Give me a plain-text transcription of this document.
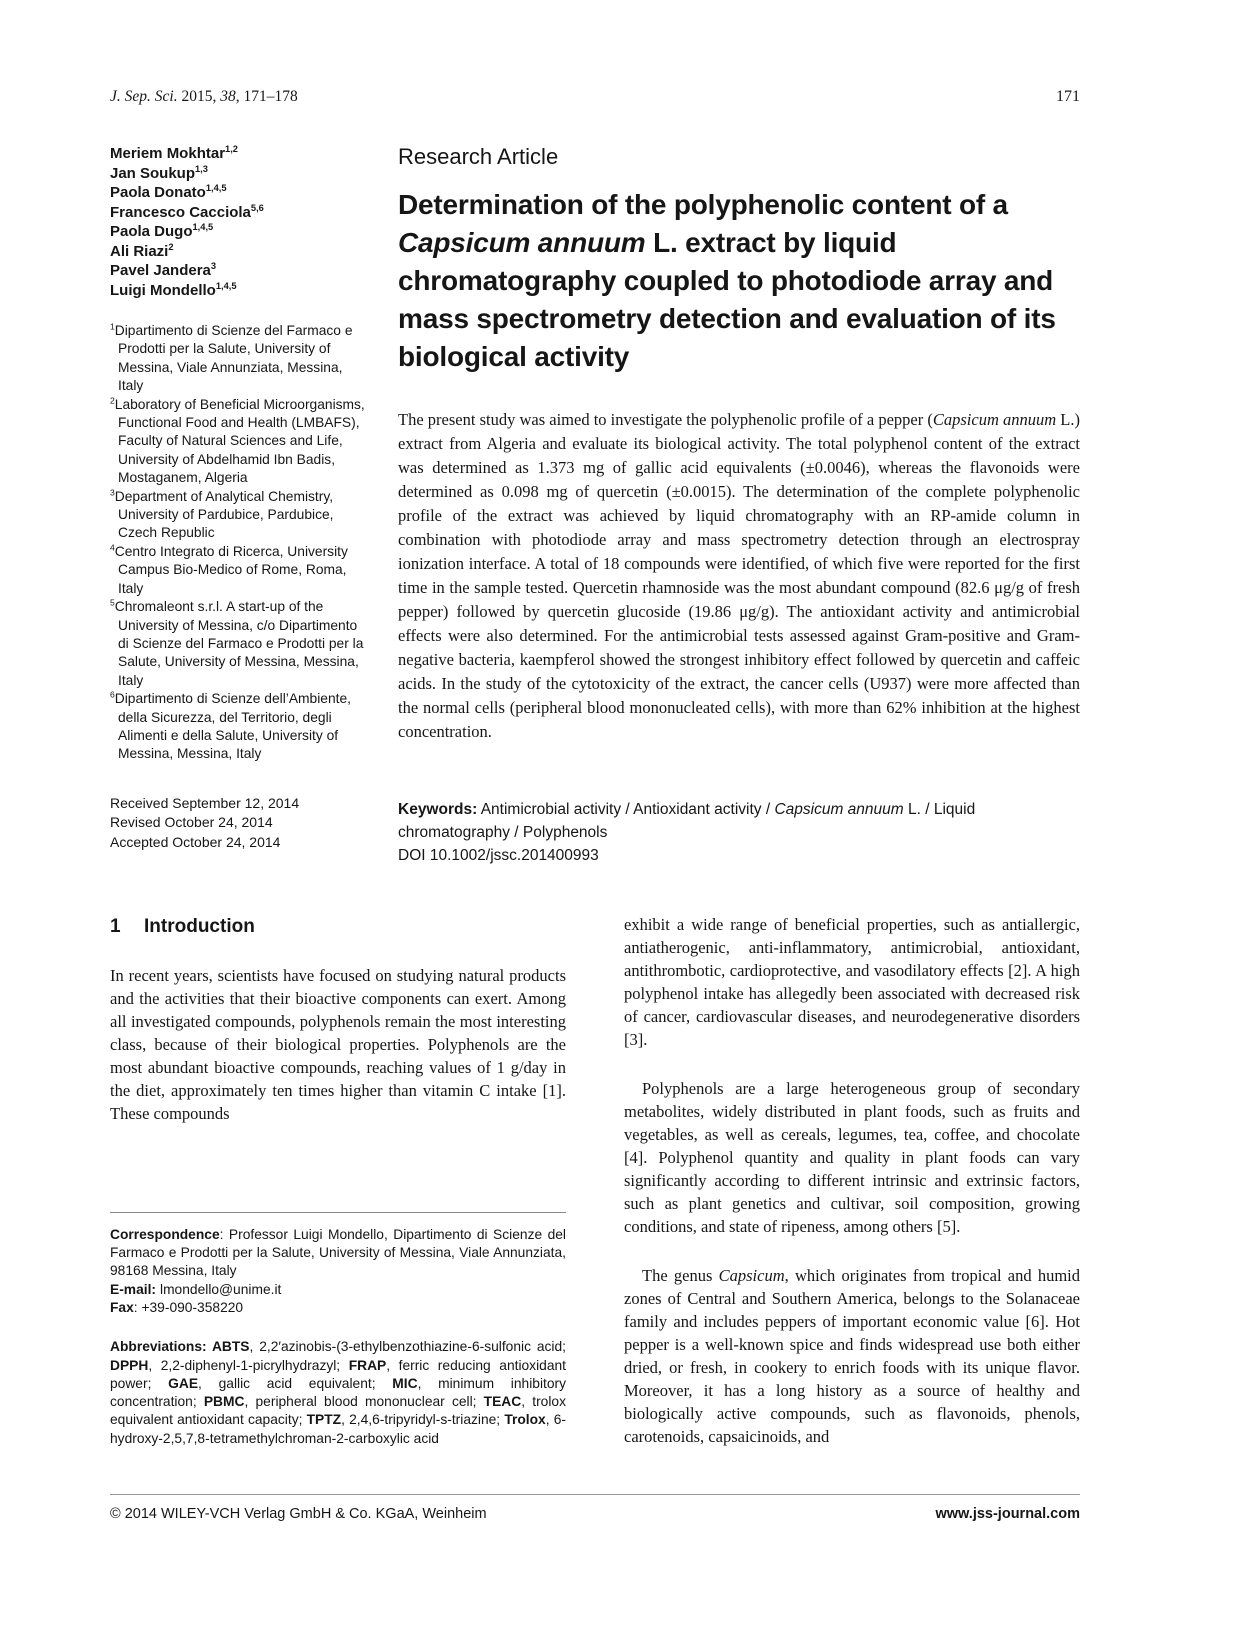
J. Sep. Sci. 2015, 38, 171–178	171
Meriem Mokhtar$^{1,2}$
Jan Soukup$^{1,3}$
Paola Donato$^{1,4,5}$
Francesco Cacciola$^{5,6}$
Paola Dugo$^{1,4,5}$
Ali Riazi$^2$
Pavel Jandera$^3$
Luigi Mondello$^{1,4,5}$
$^1$Dipartimento di Scienze del Farmaco e Prodotti per la Salute, University of Messina, Viale Annunziata, Messina, Italy
$^2$Laboratory of Beneficial Microorganisms, Functional Food and Health (LMBAFS), Faculty of Natural Sciences and Life, University of Abdelhamid Ibn Badis, Mostaganem, Algeria
$^3$Department of Analytical Chemistry, University of Pardubice, Pardubice, Czech Republic
$^4$Centro Integrato di Ricerca, University Campus Bio-Medico of Rome, Roma, Italy
$^5$Chromaleont s.r.l. A start-up of the University of Messina, c/o Dipartimento di Scienze del Farmaco e Prodotti per la Salute, University of Messina, Messina, Italy
$^6$Dipartimento di Scienze dell’Ambiente, della Sicurezza, del Territorio, degli Alimenti e della Salute, University of Messina, Messina, Italy
Received September 12, 2014
Revised October 24, 2014
Accepted October 24, 2014
Research Article
Determination of the polyphenolic content of a Capsicum annuum L. extract by liquid chromatography coupled to photodiode array and mass spectrometry detection and evaluation of its biological activity

The present study was aimed to investigate the polyphenolic profile of a pepper (Capsicum annuum L.) extract from Algeria and evaluate its biological activity. The total polyphenol content of the extract was determined as 1.373 mg of gallic acid equivalents (±0.0046), whereas the flavonoids were determined as 0.098 mg of quercetin (±0.0015). The determination of the complete polyphenolic profile of the extract was achieved by liquid chromatography with an RP-amide column in combination with photodiode array and mass spectrometry detection through an electrospray ionization interface. A total of 18 compounds were identified, of which five were reported for the first time in the sample tested. Quercetin rhamnoside was the most abundant compound (82.6 μg/g of fresh pepper) followed by quercetin glucoside (19.86 μg/g). The antioxidant activity and antimicrobial effects were also determined. For the antimicrobial tests assessed against Gram-positive and Gram-negative bacteria, kaempferol showed the strongest inhibitory effect followed by quercetin and caffeic acids. In the study of the cytotoxicity of the extract, the cancer cells (U937) were more affected than the normal cells (peripheral blood mononucleated cells), with more than 62% inhibition at the highest concentration.

Keywords: Antimicrobial activity / Antioxidant activity / Capsicum annuum L. / Liquid chromatography / Polyphenols
DOI 10.1002/jssc.201400993
1 Introduction

In recent years, scientists have focused on studying natural products and the activities that their bioactive components can exert. Among all investigated compounds, polyphenols remain the most interesting class, because of their biological properties. Polyphenols are the most abundant bioactive compounds, reaching values of 1 g/day in the diet, approximately ten times higher than vitamin C intake [1]. These compounds

Correspondence: Professor Luigi Mondello, Dipartimento di Scienze del Farmaco e Prodotti per la Salute, University of Messina, Viale Annunziata, 98168 Messina, Italy

E-mail: lmondello@unime.it

Fax: +39-090-358220

Abbreviations: ABTS, 2,2′azinobis-(3-ethylbenzothiazine-6-sulfonic acid; DPPH, 2,2-diphenyl-1-picrylhydrazyl; FRAP, ferric reducing antioxidant power; GAE, gallic acid equivalent; MIC, minimum inhibitory concentration; PBMC, peripheral blood mononuclear cell; TEAC, trolox equivalent antioxidant capacity; TPTZ, 2,4,6-tripyridyl-s-triazine; Trolox, 6-hydroxy-2,5,7,8-tetramethylchroman-2-carboxylic acid

exhibit a wide range of beneficial properties, such as antiallergic, antiatherogenic, anti-inflammatory, antimicrobial, antioxidant, antithrombotic, cardioprotective, and vasodilatory effects [2]. A high polyphenol intake has allegedly been associated with decreased risk of cancer, cardiovascular diseases, and neurodegenerative disorders [3].

Polyphenols are a large heterogeneous group of secondary metabolites, widely distributed in plant foods, such as fruits and vegetables, as well as cereals, legumes, tea, coffee, and chocolate [4]. Polyphenol quantity and quality in plant foods can vary significantly according to different intrinsic and extrinsic factors, such as plant genetics and cultivar, soil composition, growing conditions, and state of ripeness, among others [5].

The genus Capsicum, which originates from tropical and humid zones of Central and Southern America, belongs to the Solanaceae family and includes peppers of important economic value [6]. Hot pepper is a well-known spice and finds widespread use both either dried, or fresh, in cookery to enrich foods with its unique flavor. Moreover, it has a long history as a source of healthy and biologically active compounds, such as flavonoids, phenols, carotenoids, capsaicinoids, and

© 2014 WILEY-VCH Verlag GmbH & Co. KGaA, Weinheim	www.jss-journal.com
